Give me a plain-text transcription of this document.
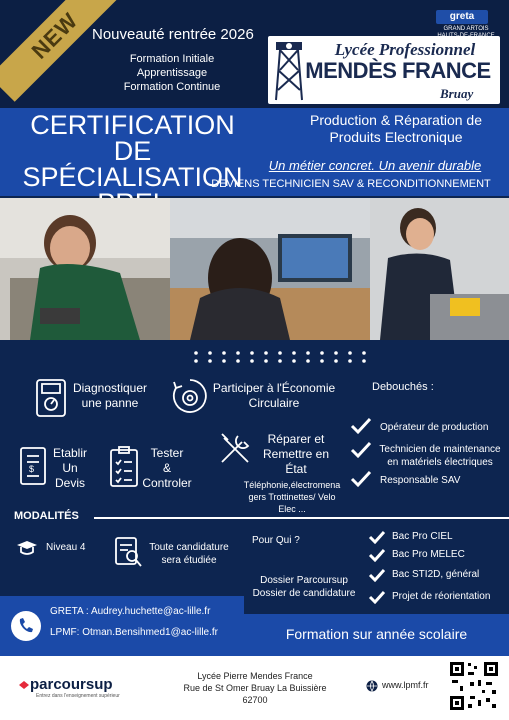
NEW Nouveauté rentrée 2026
Formation Initiale
Apprentissage
Formation Continue
greta
GRAND ARTOIS
Lycée Professionnel
MENDÈS FRANCE
Bruay
CERTIFICATION DE
SPÉCIALISATION
Production & Réparation de
Produits Electronique
Un métier concret. Un avenir durable
DEVIENS TECHNICIEN SAV & RECONDITIONNEMENT
Diagnostiquer
une panne
Participer à l'Économie
Circulaire
Debouchés :
Opérateur de production
Technicien de maintenance
en matériels électriques
Responsable SAV
$
Etablir
Un
Devis
Tester
&
Controler
Réparer et
Remettre en
État
Téléphonie,électromena
gers Trottinettes/ Velo
Elec ...
MODALITÉS
Niveau 4	Toute candidature
sera étudiée
Pour Qui ?
Dossier Parcoursup
Dossier de candidature
Bac Pro CIEL
Bac Pro MELEC
Bac STI2D, général
Projet de réorientation
GRETA : Audrey.huchette@ac-lille.fr
LPMF: Otman.Bensihmed1@ac-lille.fr	Formation sur année scolaire
parcoursup
Entrez dans l'enseignement supérieur
Lycée Pierre Mendes France
Rue de St Omer Bruay La Buissière
62700
www.lpmf.fr
